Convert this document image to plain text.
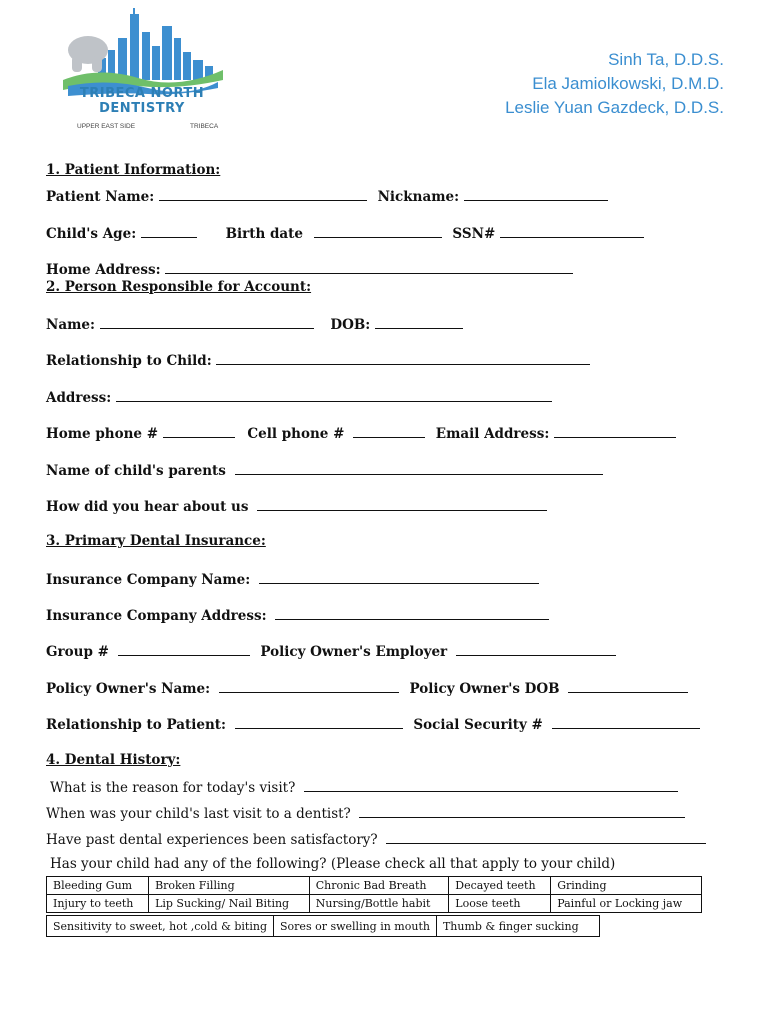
TRIBECA NORTH
DENTISTRY
UPPER EAST SIDE	TRIBECA
Sinh Ta, D.D.S.
Ela Jamiolkowski, D.M.D.
Leslie Yuan Gazdeck, D.D.S.
1. Patient Information:
Patient Name:	Nickname:
Child's Age:	Birth date	SSN#
Home Address:
2. Person Responsible for Account:
Name:	DOB:
Relationship to Child:
Address:
Home phone #	Cell phone #	Email Address:
Name of child's parents
How did you hear about us
3. Primary Dental Insurance:
Insurance Company Name:
Insurance Company Address:
Group #	Policy Owner's Employer
Policy Owner's Name:	Policy Owner's DOB
Relationship to Patient:	Social Security #
4. Dental History:
What is the reason for today's visit?
When was your child's last visit to a dentist?
Have past dental experiences been satisfactory?
Has your child had any of the following? (Please check all that apply to your child)
Bleeding Gum	Broken Filling	Chronic Bad Breath	Decayed teeth	Grinding
Injury to teeth	Lip Sucking/ Nail Biting	Nursing/Bottle habit	Loose teeth	Painful or Locking jaw
Sensitivity to sweet, hot ,cold & biting	Sores or swelling in mouth	Thumb & finger sucking
